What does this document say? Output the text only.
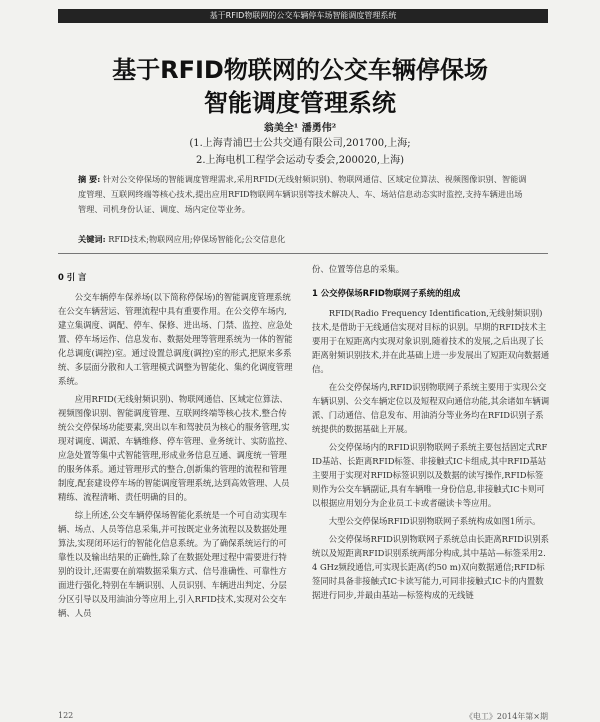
基于RFID物联网的公交车辆停车场智能调度管理系统
基于RFID物联网的公交车辆停保场
智能调度管理系统
翁美全¹ 潘勇伟²
(1.上海青浦巴士公共交通有限公司,201700,上海;
2.上海电机工程学会运动专委会,200020,上海)
摘 要: 针对公交停保场的智能调度管理需求,采用RFID(无线射频识别)、物联网通信、区域定位算法、视频图像识别、智能调度管理、互联网终端等核心技术,提出应用RFID物联网车辆识别等技术解决人、车、场站信息动态实时监控,支持车辆进出场管理、司机身份认证、调度、场内定位等业务。
关键词: RFID技术;物联网应用;停保场智能化;公交信息化
0 引 言

公交车辆停车保养场(以下简称停保场)的智能调度管理系统在公交车辆营运、管理流程中具有重要作用。在公交停车场内,建立集调度、调配、停车、保修、进出场、门禁、监控、应急处置、停车场运作、信息发布、数据处理等管理系统为一体的智能化总调度(调控)室。通过设置总调度(调控)室的形式,把原来多系统、多层面分散和人工管理模式调整为智能化、集约化调度管理系统。

应用RFID(无线射频识别)、物联网通信、区域定位算法、视频图像识别、智能调度管理、互联网终端等核心技术,整合传统公交停保场功能要素,突出以车和驾驶员为核心的服务管理,实现对调度、调派、车辆维修、停车管理、业务统计、实防监控、应急处置等集中式智能管理,形成业务信息互通、调度统一管理的服务体系。通过管理形式的整合,创新集约管理的流程和管理制度,配套建设停车场的智能调度管理系统,达到高效管理、人员精练、流程清晰、责任明确的目的。

综上所述,公交车辆停保场智能化系统是一个可自动实现车辆、场点、人员等信息采集,并可按既定业务流程以及数据处理算法,实现闭环运行的智能化信息系统。为了确保系统运行的可靠性以及输出结果的正确性,除了在数据处理过程中需要进行特别的设计,还需要在前端数据采集方式、信号准确性、可靠性方面进行强化,特别在车辆识别、人员识别、车辆进出判定、分层分区引导以及用油油分等应用上,引入RFID技术,实现对公交车辆、人员

份、位置等信息的采集。

1 公交停保场RFID物联网子系统的组成

RFID(Radio Frequency Identification,无线射频识别)技术,是借助于无线通信实现对目标的识别。早期的RFID技术主要用于在短距离内实现对象识别,随着技术的发展,之后出现了长距离射频识别技术,并在此基础上进一步发展出了短距双向数据通信。

在公交停保场内,RFID识别物联网子系统主要用于实现公交车辆识别、公交车辆定位以及短程双向通信功能,其余诸如车辆调派、门动通信、信息发布、用油消分等业务均在RFID识别子系统提供的数据基础上开展。

公交停保场内的RFID识别物联网子系统主要包括固定式RFID基站、长距离RFID标签、非接触式IC卡组成,其中RFID基站主要用于实现对RFID标签识别以及数据的读写操作,RFID标签则作为公交车辆副证,具有车辆唯一身份信息,非接触式IC卡则可以根据应用划分为企业员工卡或者磁读卡等应用。

大型公交停保场RFID识别物联网子系统构成如图1所示。

公交停保场RFID识别物联网子系统总由长距离RFID识别系统以及短距离RFID识别系统两部分构成,其中基站—标签采用2.4 GHz频段通信,可实现长距离(约50 m)双向数据通信;RFID标签同时具备非接触式IC卡读写能力,可同非接触式IC卡的内置数据进行同步,并最由基站—标签构成的无线链

122	《电工》2014年第×期
